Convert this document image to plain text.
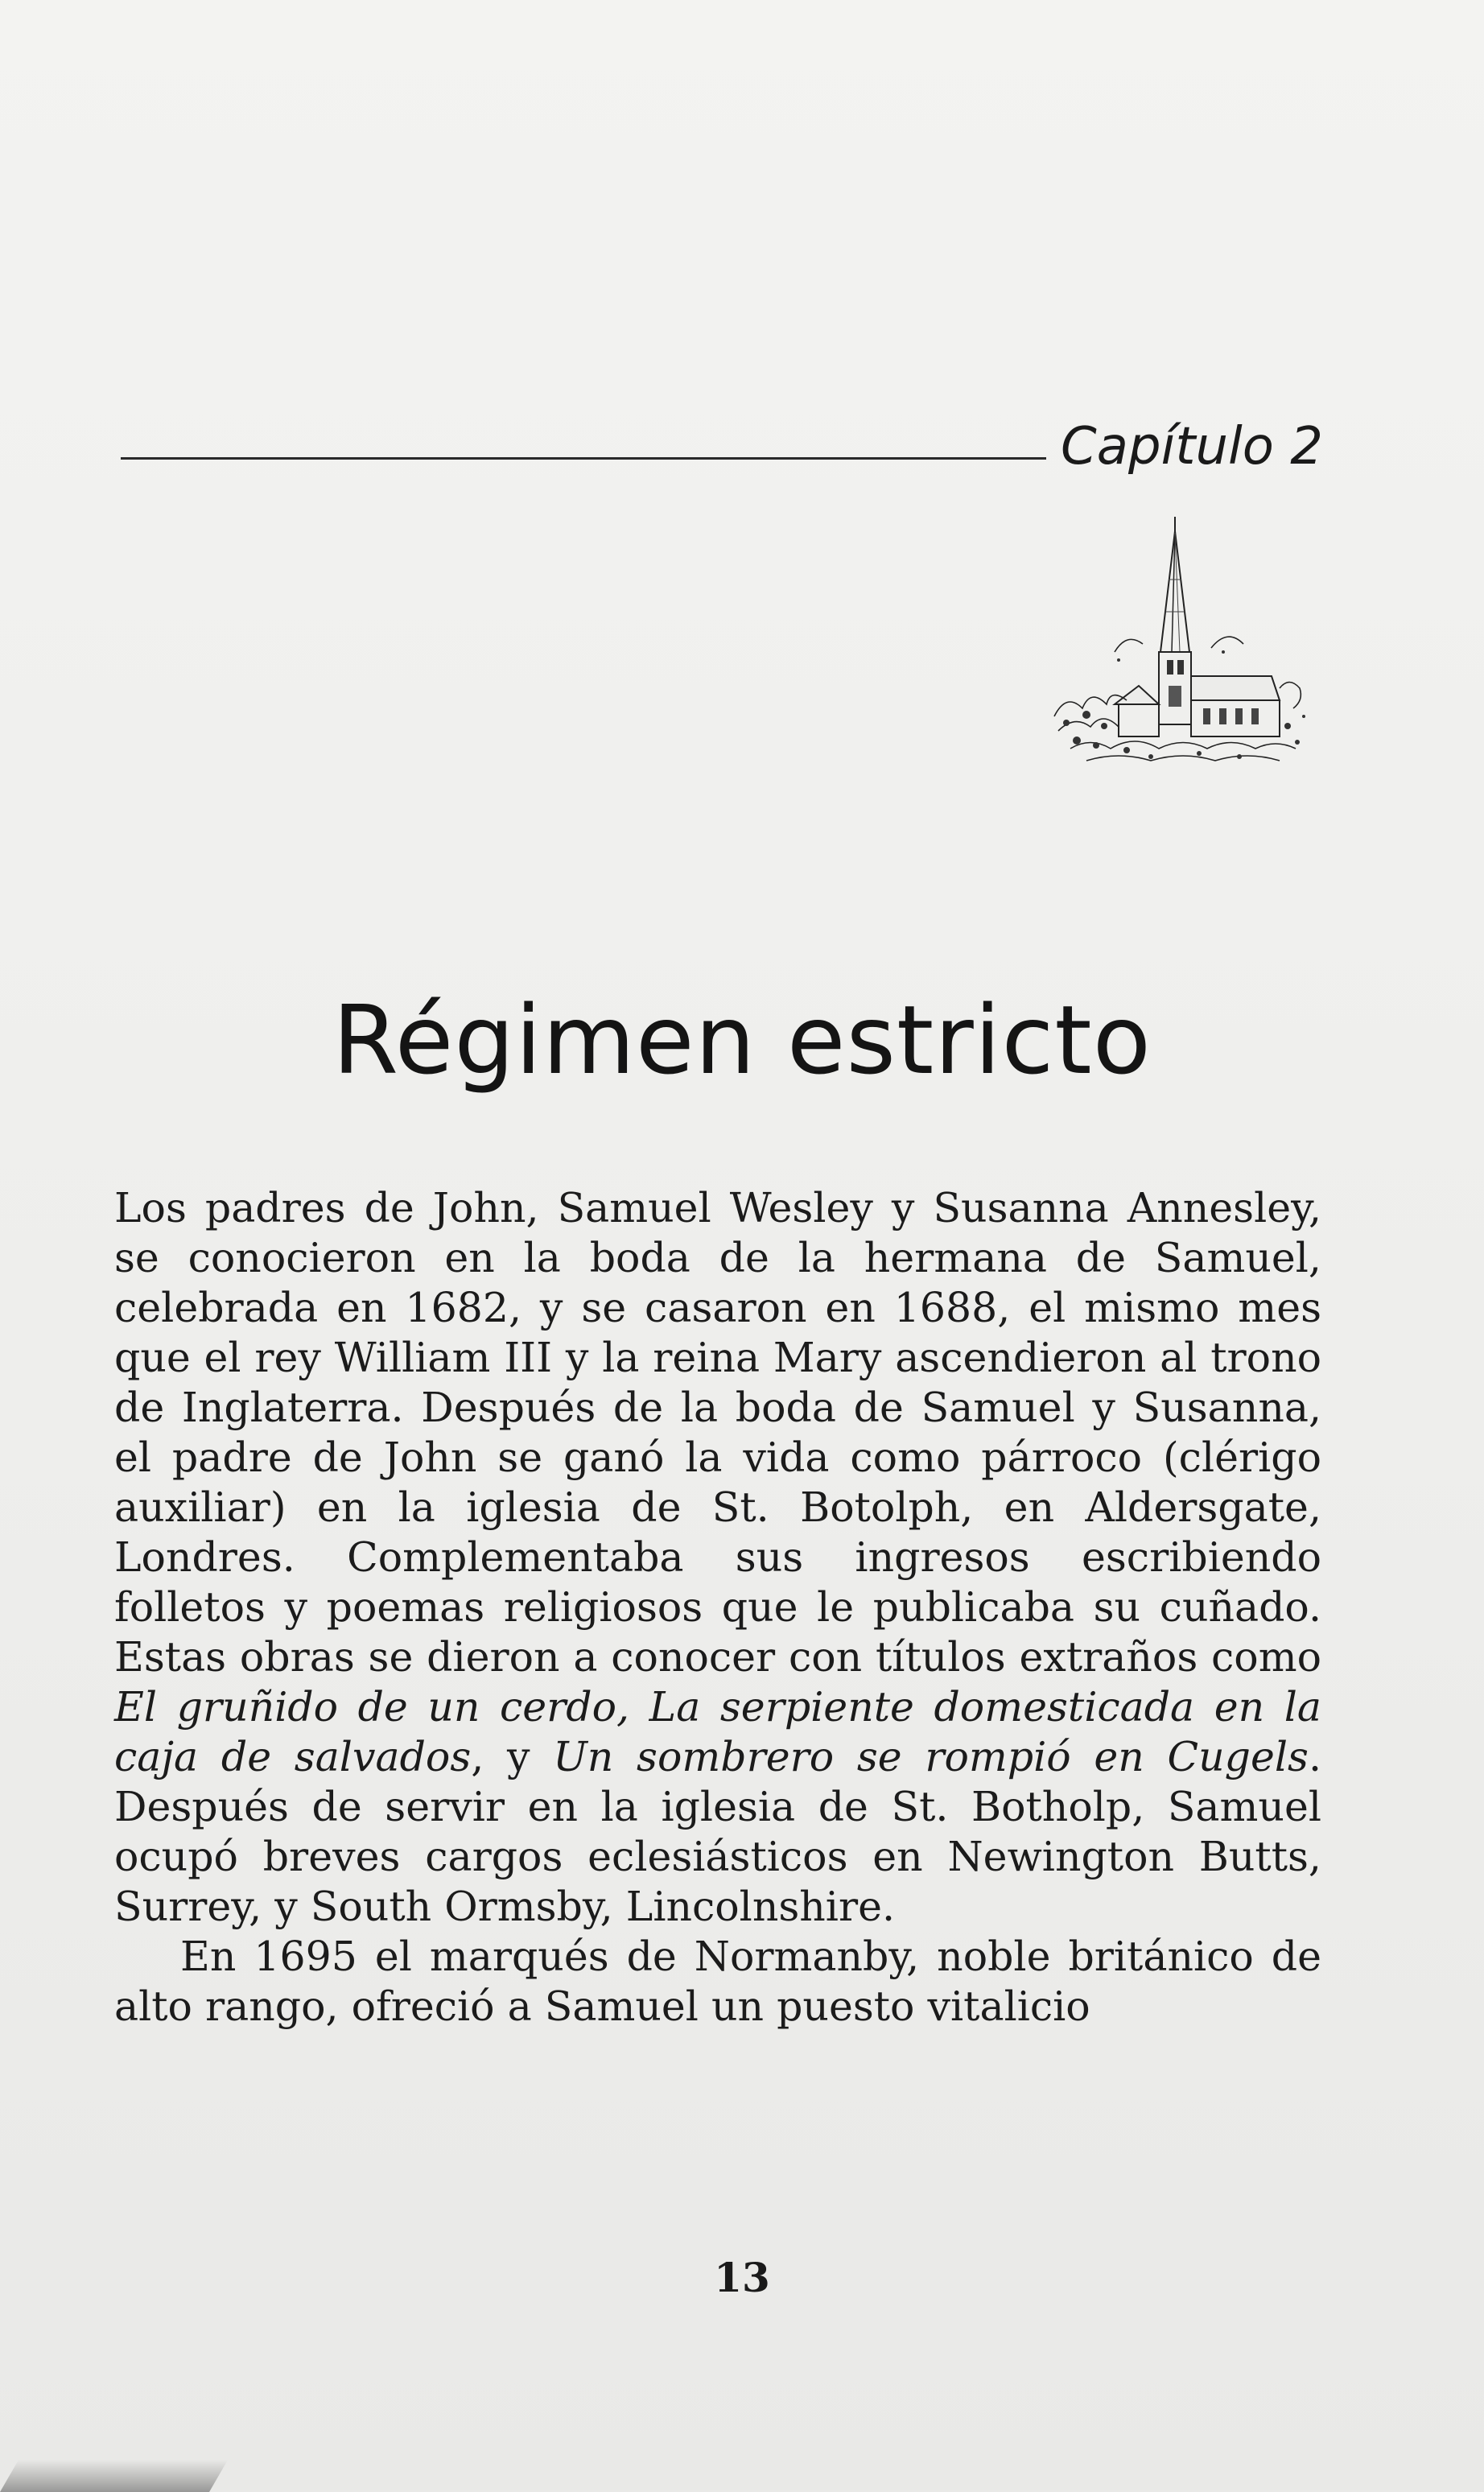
Capítulo 2
Régimen estricto

Los padres de John, Samuel Wesley y Susanna Annesley, se conocieron en la boda de la hermana de Samuel, celebrada en 1682, y se casaron en 1688, el mismo mes que el rey William III y la reina Mary ascendieron al trono de Inglaterra. Después de la boda de Samuel y Susanna, el padre de John se ganó la vida como párroco (clérigo auxiliar) en la iglesia de St. Botolph, en Aldersgate, Londres. Complementaba sus ingresos escribiendo folletos y poemas religiosos que le publicaba su cuñado. Estas obras se dieron a conocer con títulos extraños como El gruñido de un cerdo, La serpiente domesticada en la caja de salvados, y Un sombrero se rompió en Cugels. Después de servir en la iglesia de St. Botholp, Samuel ocupó breves cargos eclesiásticos en Newington Butts, Surrey, y South Ormsby, Lincolnshire.

En 1695 el marqués de Normanby, noble británico de alto rango, ofreció a Samuel un puesto vitalicio

13
